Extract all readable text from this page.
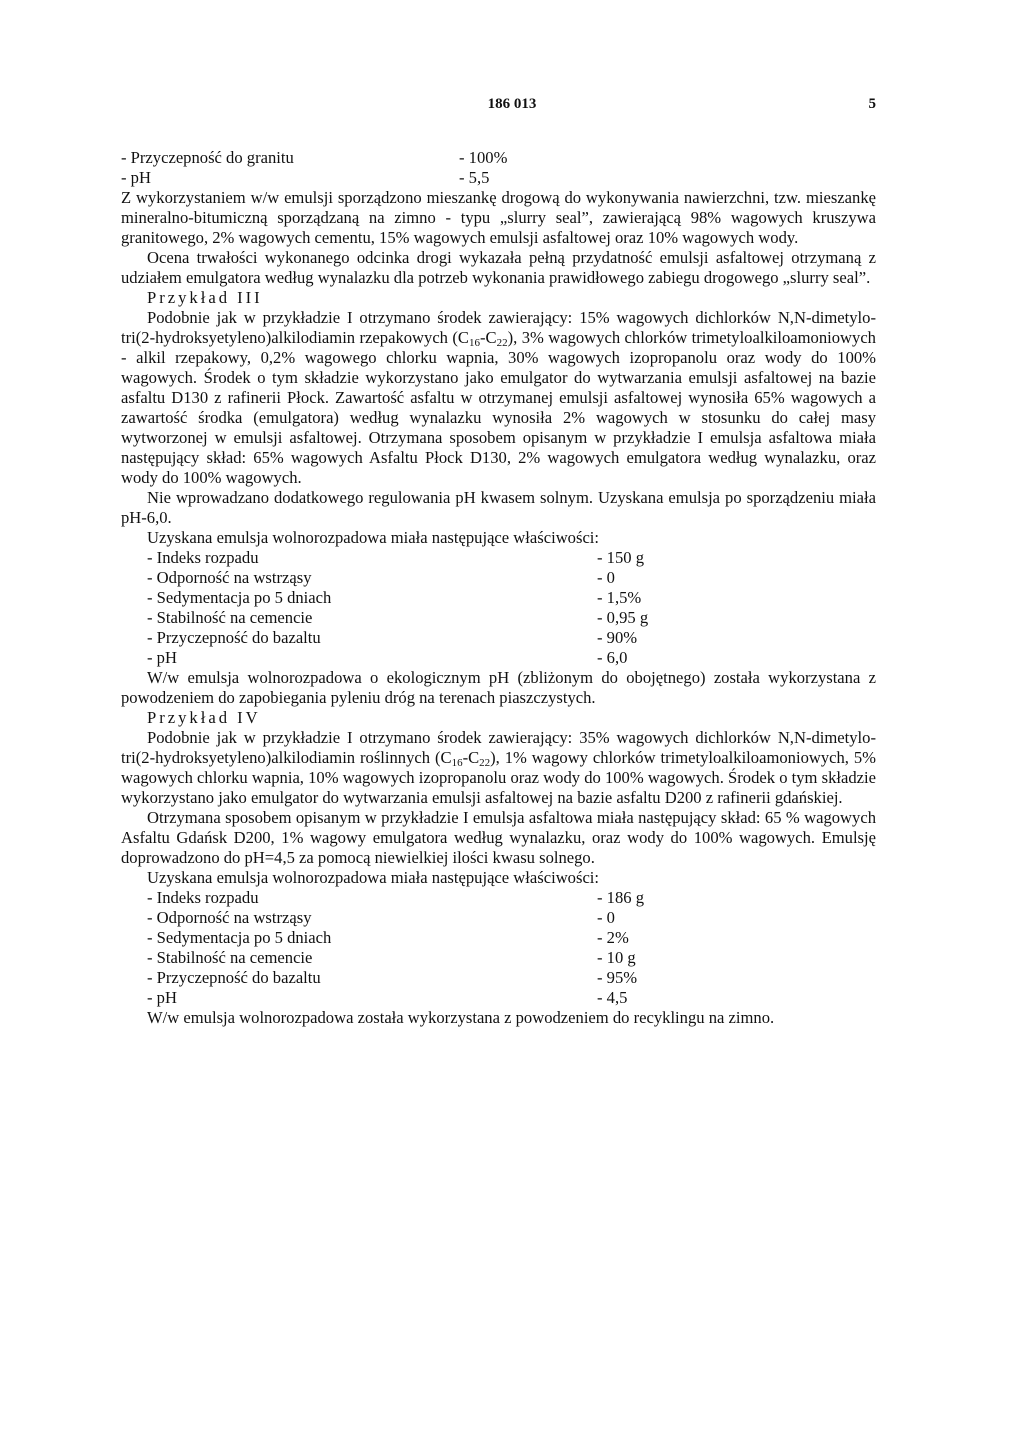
186 013	5
- Przyczepność do granitu	- 100%
- pH	- 5,5

Z wykorzystaniem w/w emulsji sporządzono mieszankę drogową do wykonywania nawierzchni, tzw. mieszankę mineralno-bitumiczną sporządzaną na zimno - typu „slurry seal”, zawierającą 98% wagowych kruszywa granitowego, 2% wagowych cementu, 15% wagowych emulsji asfaltowej oraz 10% wagowych wody.

Ocena trwałości wykonanego odcinka drogi wykazała pełną przydatność emulsji asfaltowej otrzymaną z udziałem emulgatora według wynalazku dla potrzeb wykonania prawidłowego zabiegu drogowego „slurry seal”.

Przykład III

Podobnie jak w przykładzie I otrzymano środek zawierający: 15% wagowych dichlorków N,N-dimetylo-tri(2-hydroksyetyleno)alkilodiamin rzepakowych $(C_{16}-C_{22})$, 3% wagowych chlorków trimetyloalkiloamoniowych - alkil rzepakowy, 0,2% wagowego chlorku wapnia, 30% wagowych izopropanolu oraz wody do 100% wagowych. Środek o tym składzie wykorzystano jako emulgator do wytwarzania emulsji asfaltowej na bazie asfaltu D130 z rafinerii Płock. Zawartość asfaltu w otrzymanej emulsji asfaltowej wynosiła 65% wagowych a zawartość środka (emulgatora) według wynalazku wynosiła 2% wagowych w stosunku do całej masy wytworzonej w emulsji asfaltowej. Otrzymana sposobem opisanym w przykładzie I emulsja asfaltowa miała następujący skład: 65% wagowych Asfaltu Płock D130, 2% wagowych emulgatora według wynalazku, oraz wody do 100% wagowych.

Nie wprowadzano dodatkowego regulowania pH kwasem solnym. Uzyskana emulsja po sporządzeniu miała pH-6,0.

Uzyskana emulsja wolnorozpadowa miała następujące właściwości:

- Indeks rozpadu	- 150 g
- Odporność na wstrząsy	- 0
- Sedymentacja po 5 dniach	- 1,5%
- Stabilność na cemencie	- 0,95 g
- Przyczepność do bazaltu	- 90%
- pH	- 6,0

W/w emulsja wolnorozpadowa o ekologicznym pH (zbliżonym do obojętnego) została wykorzystana z powodzeniem do zapobiegania pyleniu dróg na terenach piaszczystych.

Przykład IV

Podobnie jak w przykładzie I otrzymano środek zawierający: 35% wagowych dichlorków N,N-dimetylo-tri(2-hydroksyetyleno)alkilodiamin roślinnych $(C_{16}-C_{22})$, 1% wagowy chlorków trimetyloalkiloamoniowych, 5% wagowych chlorku wapnia, 10% wagowych izopropanolu oraz wody do 100% wagowych. Środek o tym składzie wykorzystano jako emulgator do wytwarzania emulsji asfaltowej na bazie asfaltu D200 z rafinerii gdańskiej.

Otrzymana sposobem opisanym w przykładzie I emulsja asfaltowa miała następujący skład: 65 % wagowych Asfaltu Gdańsk D200, 1% wagowy emulgatora według wynalazku, oraz wody do 100% wagowych. Emulsję doprowadzono do pH=4,5 za pomocą niewielkiej ilości kwasu solnego.

Uzyskana emulsja wolnorozpadowa miała następujące właściwości:

- Indeks rozpadu	- 186 g
- Odporność na wstrząsy	- 0
- Sedymentacja po 5 dniach	- 2%
- Stabilność na cemencie	- 10 g
- Przyczepność do bazaltu	- 95%
- pH	- 4,5

W/w emulsja wolnorozpadowa została wykorzystana z powodzeniem do recyklingu na zimno.
